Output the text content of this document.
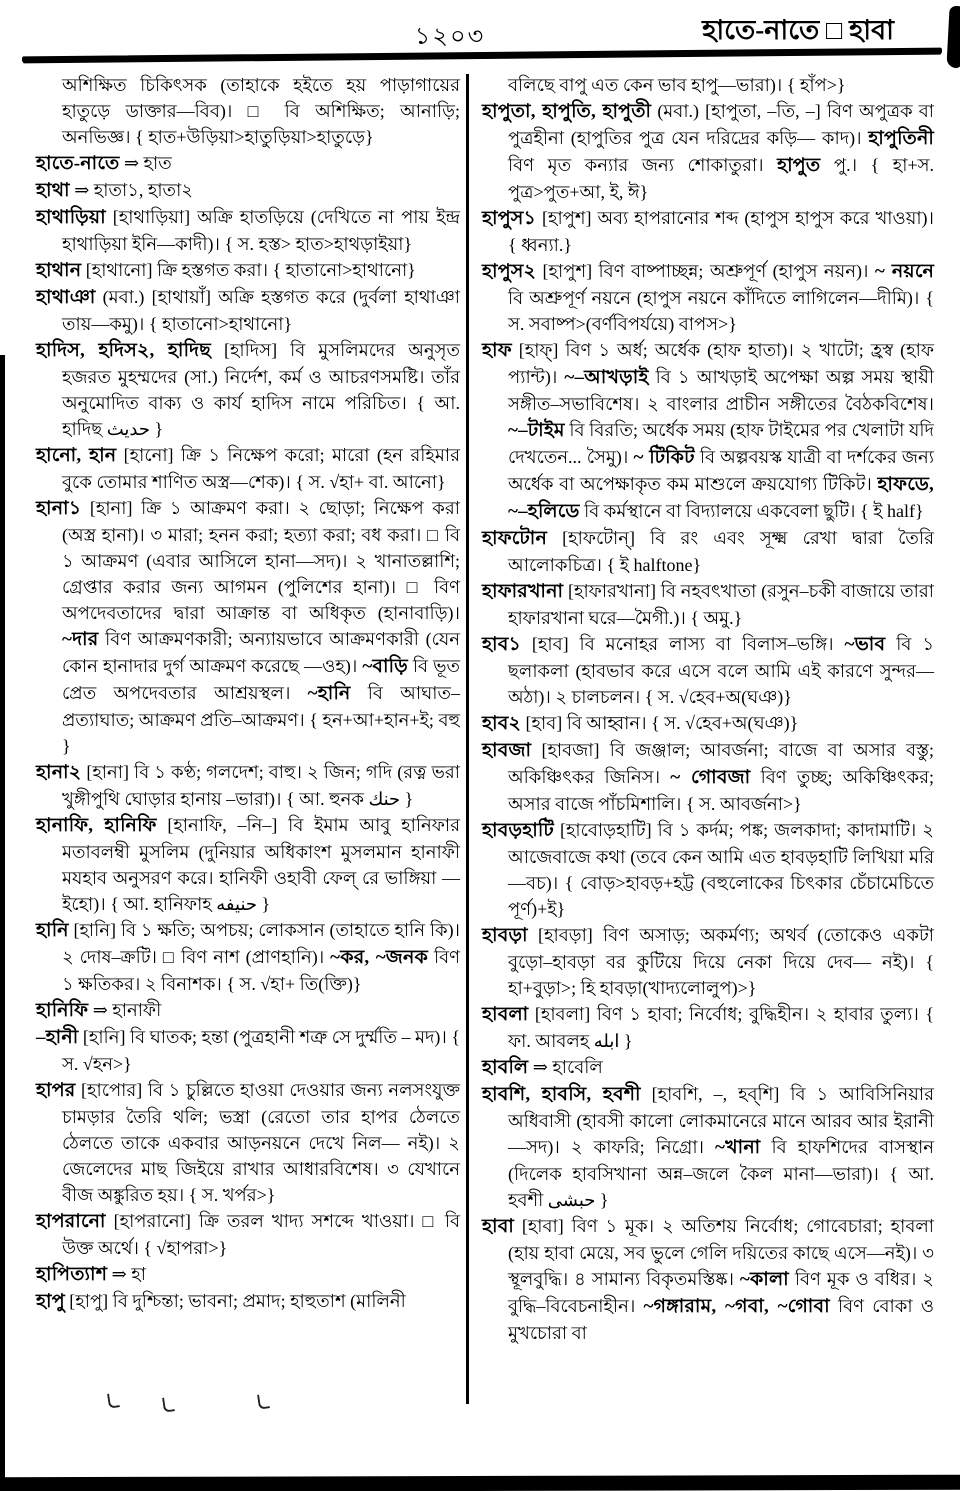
১২০৩	হাতে-নাতে □ হাবা

অশিক্ষিত চিকিৎসক (তাহাকে হইতে হয় পাড়াগায়ের হাতুড়ে ডাক্তার—বিব)। □ বি অশিক্ষিত; আনাড়ি; অনভিজ্ঞ। { হাত+উড়িয়া>হাতুড়িয়া>হাতুড়ে}

হাতে-নাতে ⇒ হাত

হাথা ⇒ হাতা১, হাতা২

হাথাড়িয়া [হাথাড়িয়া] অক্রি হাতড়িয়ে (দেখিতে না পায় ইন্দ্র হাথাড়িয়া ইনি—কাদী)। { স. হস্ত> হাত>হাথড়াইয়া}

হাথান [হাথানো] ক্রি হস্তগত করা। { হাতানো>হাথানো}

হাথাঞা (মবা.) [হাথায়াঁ] অক্রি হস্তগত করে (দুর্বলা হাথাঞা তায়—কমু)। { হাতানো>হাথানো}

হাদিস, হদিস২, হাদিছ [হাদিস] বি মুসলিমদের অনুসৃত হজরত মুহম্মদের (সা.) নির্দেশ, কর্ম ও আচরণসমষ্টি। তাঁর অনুমোদিত বাক্য ও কার্য হাদিস নামে পরিচিত। { আ. হাদিছ حديث }

হানো, হান [হানো] ক্রি ১ নিক্ষেপ করো; মারো (হন রহিমার বুকে তোমার শাণিত অস্ত্র—শেক)। { স. √হা+ বা. আনো}

হানা১ [হানা] ক্রি ১ আক্রমণ করা। ২ ছোড়া; নিক্ষেপ করা (অস্ত্র হানা)। ৩ মারা; হনন করা; হত্যা করা; বধ করা। □ বি ১ আক্রমণ (এবার আসিলে হানা—সদ)। ২ খানাতল্লাশি; গ্রেপ্তার করার জন্য আগমন (পুলিশের হানা)। □ বিণ অপদেবতাদের দ্বারা আক্রান্ত বা অধিকৃত (হানাবাড়ি)। ~দার বিণ আক্রমণকারী; অন্যায়ভাবে আক্রমণকারী (যেন কোন হানাদার দুর্গ আক্রমণ করেছে —ওহ)। ~বাড়ি বি ভূত প্রেত অপদেবতার আশ্রয়স্থল। ~হানি বি আঘাত–প্রত্যাঘাত; আক্রমণ প্রতি–আক্রমণ। { হন+আ+হান+ই; বহু }

হানা২ [হানা] বি ১ কণ্ঠ; গলদেশ; বাহু। ২ জিন; গদি (রত্ন ভরা খুঙ্গীপুথি ঘোড়ার হানায় –ভারা)। { আ. হুনক حنك }

হানাফি, হানিফি [হানাফি, –নি–] বি ইমাম আবু হানিফার মতাবলম্বী মুসলিম (দুনিয়ার অধিকাংশ মুসলমান হানাফী মযহাব অনুসরণ করে। হানিফী ওহাবী ফেল্ রে ভাঙ্গিয়া —ইহো)। { আ. হানিফাহ حنيفه }

হানি [হানি] বি ১ ক্ষতি; অপচয়; লোকসান (তাহাতে হানি কি)। ২ দোষ–ক্রটি। □ বিণ নাশ (প্রাণহানি)। ~কর, ~জনক বিণ ১ ক্ষতিকর। ২ বিনাশক। { স. √হা+ তি(ক্তি)}

হানিফি ⇒ হানাফী

–হানী [হানি] বি ঘাতক; হন্তা (পুত্রহানী শত্রু সে দুর্ম্মতি – মদ)। { স. √হন>}

হাপর [হাপোর] বি ১ চুল্লিতে হাওয়া দেওয়ার জন্য নলসংযুক্ত চামড়ার তৈরি থলি; ভস্ত্রা (রেতো তার হাপর ঠেলতে ঠেলতে তাকে একবার আড়নয়নে দেখে নিল— নই)। ২ জেলেদের মাছ জিইয়ে রাখার আধারবিশেষ। ৩ যেখানে বীজ অঙ্কুরিত হয়। { স. খর্পর>}

হাপরানো [হাপরানো] ক্রি তরল খাদ্য সশব্দে খাওয়া। □ বি উক্ত অর্থে। { √হাপরা>}

হাপিত্যাশ ⇒ হা

হাপু [হাপু] বি দুশ্চিন্তা; ভাবনা; প্রমাদ; হাহুতাশ (মালিনী

বলিছে বাপু এত কেন ভাব হাপু—ভারা)। { হাঁপ>}

হাপুতা, হাপুতি, হাপুতী (মবা.) [হাপুতা, –তি, –] বিণ অপুত্রক বা পুত্রহীনা (হাপুতির পুত্র যেন দরিদ্রের কড়ি— কাদ)। হাপুতিনী বিণ মৃত কন্যার জন্য শোকাতুরা। হাপুত পু.। { হা+স. পুত্র>পুত+আ, ই, ঈ}

হাপুস১ [হাপুশ] অব্য হাপরানোর শব্দ (হাপুস হাপুস করে খাওয়া)। { ধ্বন্যা.}

হাপুস২ [হাপুশ] বিণ বাষ্পাচ্ছন্ন; অশ্রুপূর্ণ (হাপুস নয়ন)। ~ নয়নে বি অশ্রুপূর্ণ নয়নে (হাপুস নয়নে কাঁদিতে লাগিলেন—দীমি)। { স. সবাষ্প>(বর্ণবিপর্যয়ে) বাপস>}

হাফ [হাফ্] বিণ ১ অর্ধ; অর্ধেক (হাফ হাতা)। ২ খাটো; হ্রস্ব (হাফ প্যান্ট)। ~–আখড়াই বি ১ আখড়াই অপেক্ষা অল্প সময় স্থায়ী সঙ্গীত–সভাবিশেষ। ২ বাংলার প্রাচীন সঙ্গীতের বৈঠকবিশেষ। ~–টাইম বি বিরতি; অর্ধেক সময় (হাফ টাইমের পর খেলাটা যদি দেখতেন... সৈমু)। ~ টিকিট বি অল্পবয়স্ক যাত্রী বা দর্শকের জন্য অর্ধেক বা অপেক্ষাকৃত কম মাশুলে ক্রয়যোগ্য টিকিট। হাফডে, ~–হলিডে বি কর্মস্থানে বা বিদ্যালয়ে একবেলা ছুটি। { ই half}

হাফটোন [হাফটোন্] বি রং এবং সূক্ষ্ম রেখা দ্বারা তৈরি আলোকচিত্র। { ই halftone}

হাফারখানা [হাফারখানা] বি নহবৎখাতা (রসুন–চকী বাজায়ে তারা হাফারখানা ঘরে—মৈগী.)। { অমু.}

হাব১ [হাব] বি মনোহর লাস্য বা বিলাস–ভঙ্গি। ~ভাব বি ১ ছলাকলা (হাবভাব করে এসে বলে আমি এই কারণে সুন্দর—অঠা)। ২ চালচলন। { স. √হেব+অ(ঘঞ)}

হাব২ [হাব] বি আহ্বান। { স. √হেব+অ(ঘঞ)}

হাবজা [হাবজা] বি জঞ্জাল; আবর্জনা; বাজে বা অসার বস্তু; অকিঞ্চিৎকর জিনিস। ~ গোবজা বিণ তুচ্ছ; অকিঞ্চিৎকর; অসার বাজে পাঁচমিশালি। { স. আবর্জনা>}

হাবড়হাটি [হাবোড়হাটি] বি ১ কর্দম; পঙ্ক; জলকাদা; কাদামাটি। ২ আজেবাজে কথা (তবে কেন আমি এত হাবড়হাটি লিখিয়া মরি—বচ)। { বোড়>হাবড়+হট্ট (বহুলোকের চিৎকার চেঁচামেচিতে পূর্ণ)+ই}

হাবড়া [হাবড়া] বিণ অসাড়; অকর্মণ্য; অথর্ব (তোকেও একটা বুড়ো–হাবড়া বর কুটিয়ে দিয়ে নেকা দিয়ে দেব— নই)। { হা+বুড়া>; হি হাবড়া(খাদ্যলোলুপ)>}

হাবলা [হাবলা] বিণ ১ হাবা; নির্বোধ; বুদ্ধিহীন। ২ হাবার তুল্য। { ফা. আবলহ ابله }

হাবলি ⇒ হাবেলি

হাবশি, হাবসি, হবশী [হাবশি, –, হব্‌শি] বি ১ আবিসিনিয়ার অধিবাসী (হাবসী কালো লোকমানেরে মানে আরব আর ইরানী—সদ)। ২ কাফরি; নিগ্রো। ~খানা বি হাফশিদের বাসস্থান (দিলেক হাবসিখানা অন্ন–জলে কৈল মানা—ভারা)। { আ. হবশী حبشى }

হাবা [হাবা] বিণ ১ মূক। ২ অতিশয় নির্বোধ; গোবেচারা; হাবলা (হায় হাবা মেয়ে, সব ভুলে গেলি দয়িতের কাছে এসে—নই)। ৩ স্থূলবুদ্ধি। ৪ সামান্য বিকৃতমস্তিষ্ক। ~কালা বিণ মূক ও বধির। ২ বুদ্ধি–বিবেচনাহীন। ~গঙ্গারাম, ~গবা, ~গোবা বিণ বোকা ও মুখচোরা বা
